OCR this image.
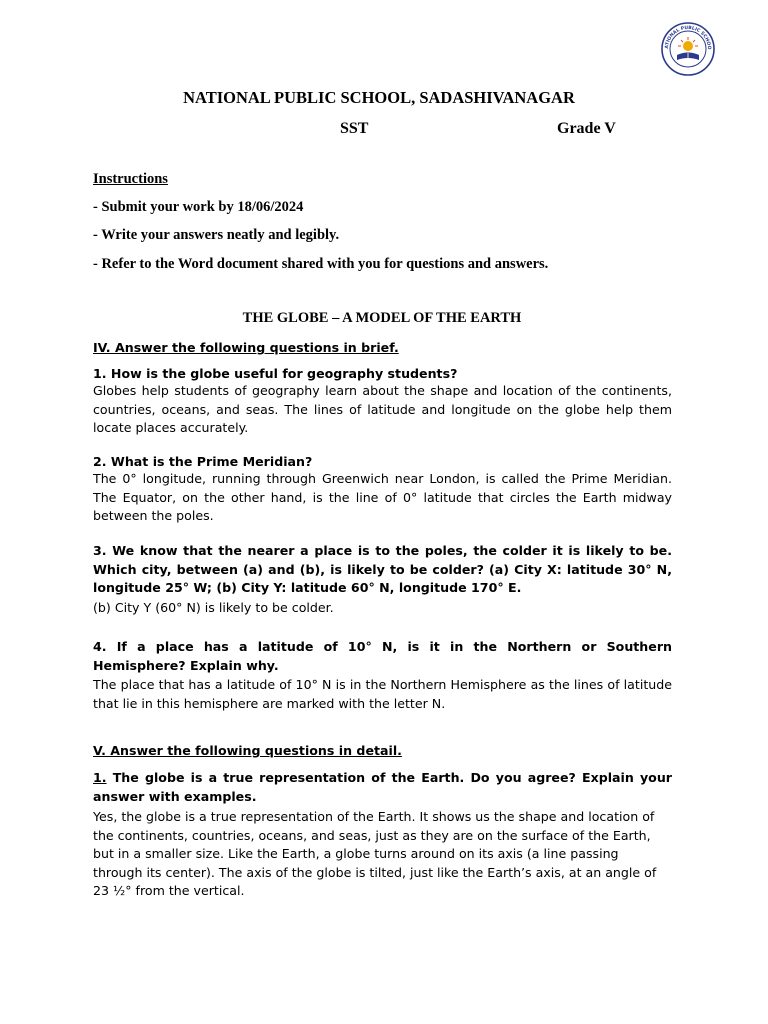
ATIONAL PUBLIC SCHOO
NATIONAL PUBLIC SCHOOL, SADASHIVANAGAR
SST	Grade V
Instructions
- Submit your work by 18/06/2024
- Write your answers neatly and legibly.
- Refer to the Word document shared with you for questions and answers.
THE GLOBE – A MODEL OF THE EARTH
IV. Answer the following questions in brief.
1. How is the globe useful for geography students?
Globes help students of geography learn about the shape and location of the continents, countries, oceans, and seas. The lines of latitude and longitude on the globe help them locate places accurately.
2. What is the Prime Meridian?
The 0° longitude, running through Greenwich near London, is called the Prime Meridian. The Equator, on the other hand, is the line of 0° latitude that circles the Earth midway between the poles.
3. We know that the nearer a place is to the poles, the colder it is likely to be. Which city, between (a) and (b), is likely to be colder? (a) City X: latitude 30° N, longitude 25° W; (b) City Y: latitude 60° N, longitude 170° E.
(b) City Y (60° N) is likely to be colder.
4. If a place has a latitude of 10° N, is it in the Northern or Southern Hemisphere? Explain why.
The place that has a latitude of 10° N is in the Northern Hemisphere as the lines of latitude that lie in this hemisphere are marked with the letter N.
V. Answer the following questions in detail.
1. The globe is a true representation of the Earth. Do you agree? Explain your answer with examples.
Yes, the globe is a true representation of the Earth. It shows us the shape and location of the continents, countries, oceans, and seas, just as they are on the surface of the Earth, but in a smaller size. Like the Earth, a globe turns around on its axis (a line passing through its center). The axis of the globe is tilted, just like the Earth’s axis, at an angle of 23 ½° from the vertical.
